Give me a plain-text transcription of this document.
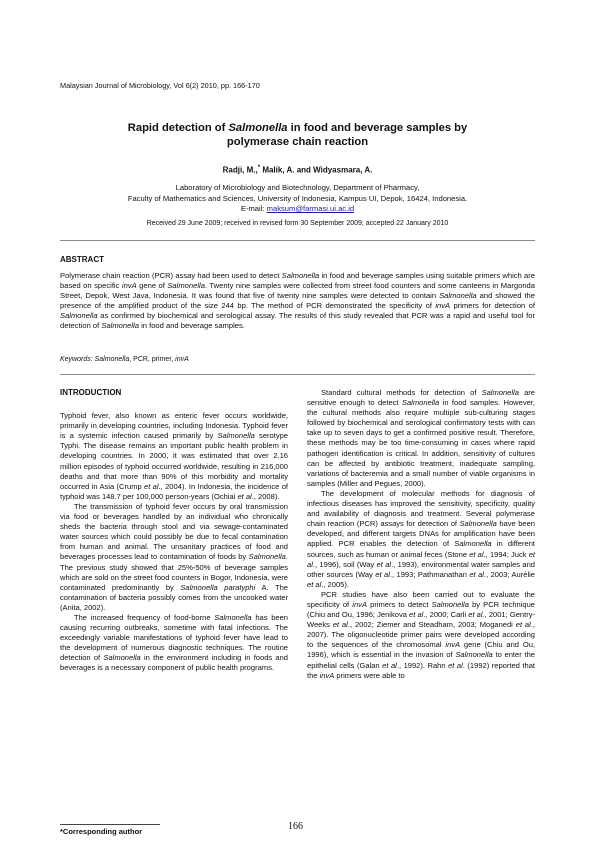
Malaysian Journal of Microbiology, Vol 6(2) 2010, pp. 166-170
Rapid detection of Salmonella in food and beverage samples by
polymerase chain reaction
Radji, M.,* Malik, A. and Widyasmara, A.
Laboratory of Microbiology and Biotechnology, Department of Pharmacy,
Faculty of Mathematics and Sciences, University of Indonesia, Kampus UI, Depok, 16424, Indonesia.
E-mail: maksum@farmasi.ui.ac.id
Received 29 June 2009; received in revised form 30 September 2009; accepted 22 January 2010
ABSTRACT
Polymerase chain reaction (PCR) assay had been used to detect Salmonella in food and beverage samples using suitable primers which are based on specific invA gene of Salmonella. Twenty nine samples were collected from street food counters and some canteens in Margonda Street, Depok, West Java, Indonesia. It was found that five of twenty nine samples were detected to contain Salmonella and showed the presence of the amplified product of the size 244 bp. The method of PCR demonstrated the specificity of invA primers for detection of Salmonella as confirmed by biochemical and serological assay. The results of this study revealed that PCR was a rapid and useful tool for detection of Salmonella in food and beverage samples.
Keywords: Salmonella, PCR, primer, invA

INTRODUCTION

Typhoid fever, also known as enteric fever occurs worldwide, primarily in developing countries, including Indonesia. Typhoid fever is a systemic infection caused primarily by Salmonella serotype Typhi. The disease remains an important public health problem in developing countries. In 2000, it was estimated that over 2.16 million episodes of typhoid occurred worldwide, resulting in 216,000 deaths and that more than 90% of this morbidity and mortality occurred in Asia (Crump et al., 2004). In Indonesia, the incidence of typhoid was 148.7 per 100,000 person-years (Ochiai et al., 2008).

The transmission of typhoid fever occurs by oral transmission via food or beverages handled by an individual who chronically sheds the bacteria through stool and via sewage-contaminated water sources which could possibly be due to fecal contamination from human and animal. The unsanitary practices of food and beverages processes lead to contamination of foods by Salmonella. The previous study showed that 25%-50% of beverage samples which are sold on the street food counters in Bogor, Indonesia, were contaminated predominantly by Salmonella paratyphi A. The contamination of bacteria possibly comes from the uncooked water (Anita, 2002).

The increased frequency of food-borne Salmonella has been causing recurring outbreaks, sometime with fatal infections. The exceedingly variable manifestations of typhoid fever have lead to the development of numerous diagnostic techniques. The routine detection of Salmonella in the environment including in foods and beverages is a necessary component of public health programs.

Standard cultural methods for detection of Salmonella are sensitive enough to detect Salmonella in food samples. However, the cultural methods also require multiple sub-culturing stages followed by biochemical and serological confirmatory tests with can take up to seven days to get a confirmed positive result. Therefore, these methods may be too time-consuming in cases where rapid pathogen identification is critical. In addition, sensitivity of cultures can be affected by antibiotic treatment, inadequate sampling, variations of bacteremia and a small number of viable organisms in samples (Miller and Pegues, 2000).

The development of molecular methods for diagnosis of infectious diseases has improved the sensitivity, specificity, quality and availability of diagnosis and treatment. Several polymerase chain reaction (PCR) assays for detection of Salmonella have been developed, and different targets DNAs for amplification have been applied. PCR enables the detection of Salmonella in different sources, such as human or animal feces (Stone et al., 1994; Juck et al., 1996), soil (Way et al., 1993), environmental water samples and other sources (Way et al., 1993; Pathmanathan et al., 2003; Aurélie et al., 2005).

PCR studies have also been carried out to evaluate the specificity of invA primers to detect Salmonella by PCR technique (Chiu and Ou, 1996; Jenikova et al., 2000; Carli et al., 2001; Gentry-Weeks et al., 2002; Ziemer and Steadham, 2003; Moganedi et al., 2007). The oligonucleotide primer pairs were developed according to the sequences of the chromosomal invA gene (Chiu and Ou, 1996), which is essential in the invasion of Salmonella to enter the epithelial cells (Galan et al., 1992). Rahn et al. (1992) reported that the invA primers were able to

*Corresponding author	166
